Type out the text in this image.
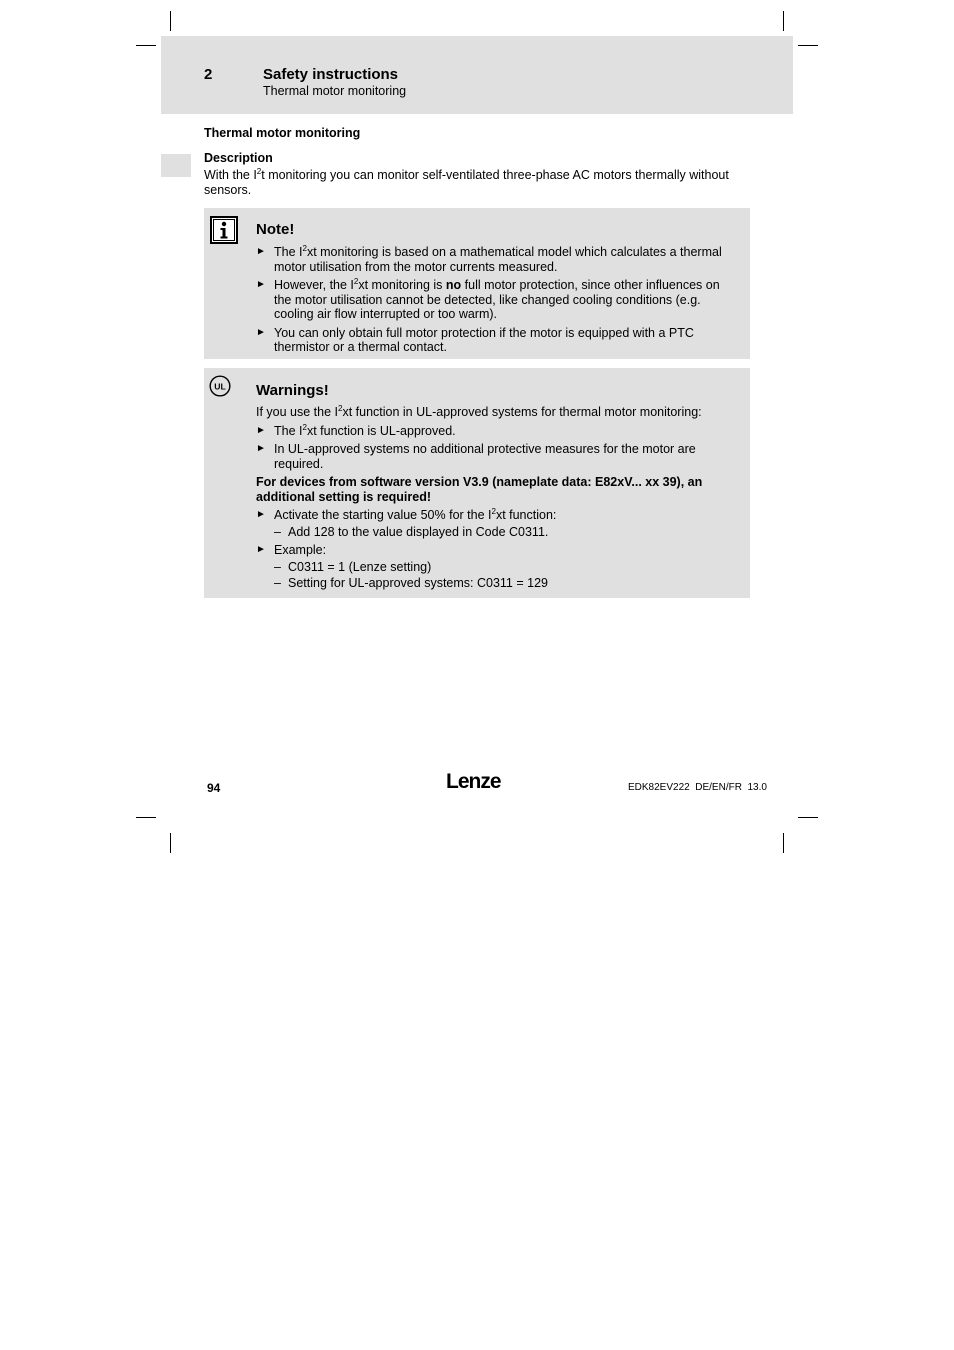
2	Safety instructions
Thermal motor monitoring
Thermal motor monitoring
Description
With the $I^2t$ monitoring you can monitor self-ventilated three-phase AC motors thermally without sensors.
Note!
► The $I^2xt$ monitoring is based on a mathematical model which calculates a thermal motor utilisation from the motor currents measured.
► However, the $I^2xt$ monitoring is no full motor protection, since other influences on the motor utilisation cannot be detected, like changed cooling conditions (e.g. cooling air flow interrupted or too warm).
► You can only obtain full motor protection if the motor is equipped with a PTC thermistor or a thermal contact.
UL Warnings!

If you use the $I^2xt$ function in UL-approved systems for thermal motor monitoring:

► The $I^2xt$ function is UL-approved.
► In UL-approved systems no additional protective measures for the motor are required.

For devices from software version V3.9 (nameplate data: E82xV... xx 39), an additional setting is required!

► Activate the starting value 50% for the $I^2xt$ function:
– Add 128 to the value displayed in Code C0311.
► Example:
– C0311 = 1 (Lenze setting)
– Setting for UL-approved systems: C0311 = 129
94	Lenze	EDK82EV222  DE/EN/FR  13.0
